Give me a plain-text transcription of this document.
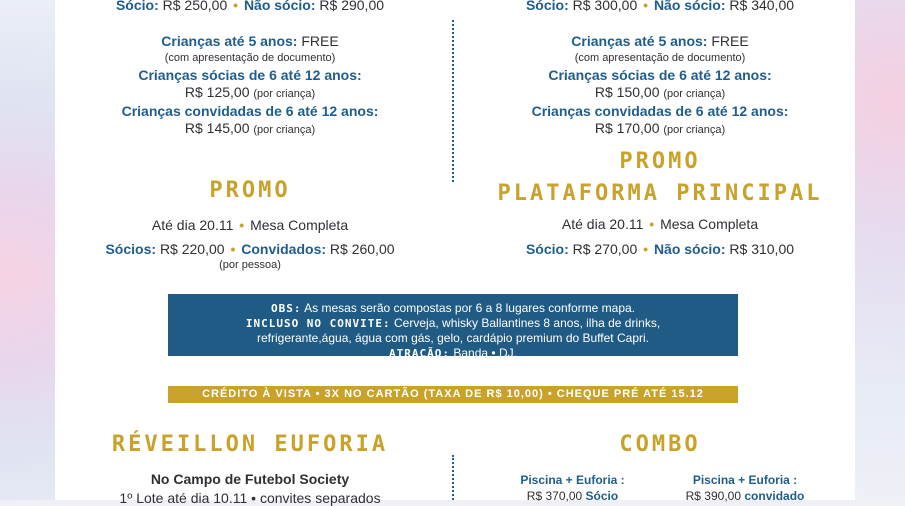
Sócio: R$ 250,00 • Não sócio: R$ 290,00
Crianças até 5 anos: FREE
(com apresentação de documento)
Crianças sócias de 6 até 12 anos:
R$ 125,00 (por criança)
Crianças convidadas de 6 até 12 anos:
R$ 145,00 (por criança)
Sócio: R$ 300,00 • Não sócio: R$ 340,00
Crianças até 5 anos: FREE
(com apresentação de documento)
Crianças sócias de 6 até 12 anos:
R$ 150,00 (por criança)
Crianças convidadas de 6 até 12 anos:
R$ 170,00 (por criança)
PROMO
Até dia 20.11 • Mesa Completa
Sócios: R$ 220,00 • Convidados: R$ 260,00
(por pessoa)
PROMO
PLATAFORMA PRINCIPAL
Até dia 20.11 • Mesa Completa
Sócio: R$ 270,00 • Não sócio: R$ 310,00
OBS: As mesas serão compostas por 6 a 8 lugares conforme mapa.
INCLUSO NO CONVITE: Cerveja, whisky Ballantines 8 anos, ilha de drinks,
refrigerante,água, água com gás, gelo, cardápio premium do Buffet Capri.
ATRAÇÃO: Banda • DJ.
CRÉDITO À VISTA • 3X NO CARTÃO (TAXA DE R$ 10,00) • CHEQUE PRÉ ATÉ 15.12
RÉVEILLON EUFORIA
No Campo de Futebol Society
1º Lote até dia 10.11 • convites separados
COMBO
Piscina + Euforia :
R$ 370,00 Sócio
Piscina + Euforia :
R$ 390,00 convidado
